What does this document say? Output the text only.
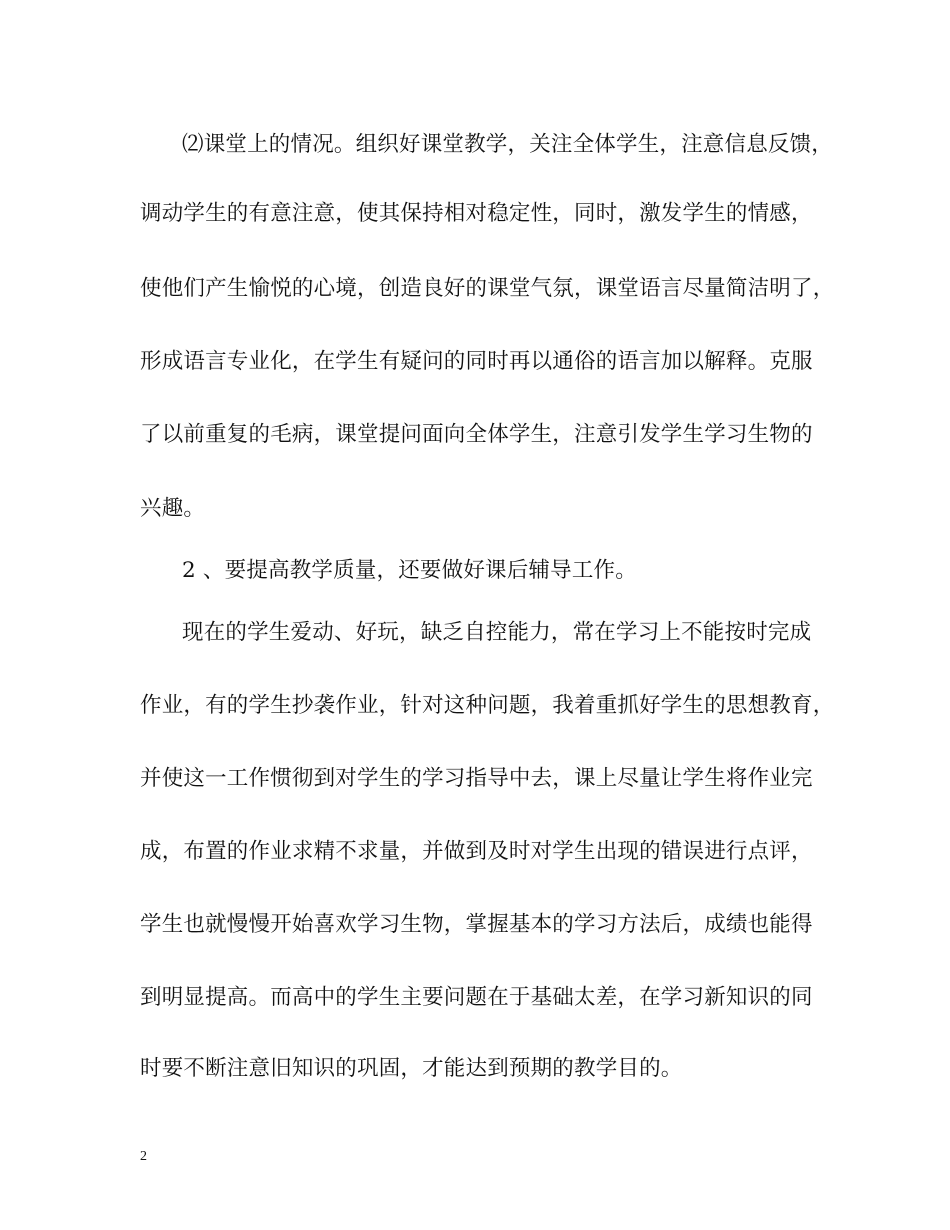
⑵课堂上的情况。组织好课堂教学，关注全体学生，注意信息反馈，
调动学生的有意注意，使其保持相对稳定性，同时，激发学生的情感，
使他们产生愉悦的心境，创造良好的课堂气氛，课堂语言尽量简洁明了，
形成语言专业化，在学生有疑问的同时再以通俗的语言加以解释。克服
了以前重复的毛病，课堂提问面向全体学生，注意引发学生学习生物的
兴趣。
2 、要提高教学质量，还要做好课后辅导工作。
现在的学生爱动、好玩，缺乏自控能力，常在学习上不能按时完成
作业，有的学生抄袭作业，针对这种问题，我着重抓好学生的思想教育，
并使这一工作惯彻到对学生的学习指导中去，课上尽量让学生将作业完
成，布置的作业求精不求量，并做到及时对学生出现的错误进行点评，
学生也就慢慢开始喜欢学习生物，掌握基本的学习方法后，成绩也能得
到明显提高。而高中的学生主要问题在于基础太差，在学习新知识的同
时要不断注意旧知识的巩固，才能达到预期的教学目的。
2
